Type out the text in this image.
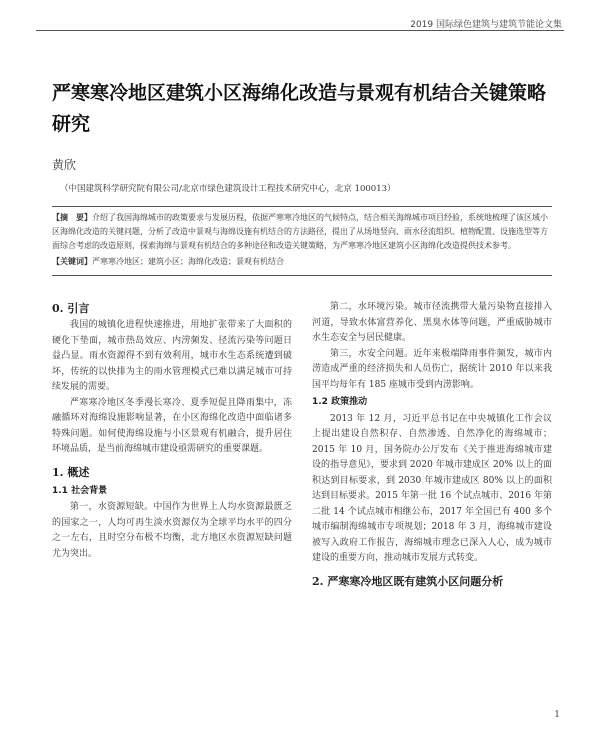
2019 国际绿色建筑与建筑节能论文集
严寒寒冷地区建筑小区海绵化改造与景观有机结合关键策略研究
黄欣
（中国建筑科学研究院有限公司/北京市绿色建筑设计工程技术研究中心，北京 100013）

【摘　要】介绍了我国海绵城市的政策要求与发展历程，依据严寒寒冷地区的气候特点，结合相关海绵城市项目经验，系统地梳理了该区域小区海绵化改造的关键问题，分析了改造中景观与海绵设施有机结合的方法路径，提出了从场地竖向、雨水径流组织、植物配置、设施选型等方面综合考虑的改造原则，探索海绵与景观有机结合的多种途径和改造关键策略，为严寒寒冷地区建筑小区海绵化改造提供技术参考。

【关键词】严寒寒冷地区；建筑小区；海绵化改造；景观有机结合

0. 引言

我国的城镇化进程快速推进，用地扩张带来了大面积的硬化下垫面，城市热岛效应、内涝频发、径流污染等问题日益凸显。雨水资源得不到有效利用，城市水生态系统遭到破坏，传统的以快排为主的雨水管理模式已难以满足城市可持续发展的需要。

严寒寒冷地区冬季漫长寒冷、夏季短促且降雨集中，冻融循环对海绵设施影响显著，在小区海绵化改造中面临诸多特殊问题。如何使海绵设施与小区景观有机融合，提升居住环境品质，是当前海绵城市建设亟需研究的重要课题。

1. 概述
1.1 社会背景

第一，水资源短缺。中国作为世界上人均水资源最匮乏的国家之一，人均可再生淡水资源仅为全球平均水平的四分之一左右，且时空分布极不均衡，北方地区水资源短缺问题尤为突出。

第二，水环境污染。城市径流携带大量污染物直接排入河道，导致水体富营养化、黑臭水体等问题，严重威胁城市水生态安全与居民健康。

第三，水安全问题。近年来极端降雨事件频发，城市内涝造成严重的经济损失和人员伤亡，据统计 2010 年以来我国平均每年有 185 座城市受到内涝影响。

1.2 政策推动

2013 年 12 月，习近平总书记在中央城镇化工作会议上提出建设自然积存、自然渗透、自然净化的海绵城市；2015 年 10 月，国务院办公厅发布《关于推进海绵城市建设的指导意见》，要求到 2020 年城市建成区 20% 以上的面积达到目标要求，到 2030 年城市建成区 80% 以上的面积达到目标要求。2015 年第一批 16 个试点城市、2016 年第二批 14 个试点城市相继公布，2017 年全国已有 400 多个城市编制海绵城市专项规划；2018 年 3 月，海绵城市建设被写入政府工作报告，海绵城市理念已深入人心，成为城市建设的重要方向，推动城市发展方式转变。

2. 严寒寒冷地区既有建筑小区问题分析
1
